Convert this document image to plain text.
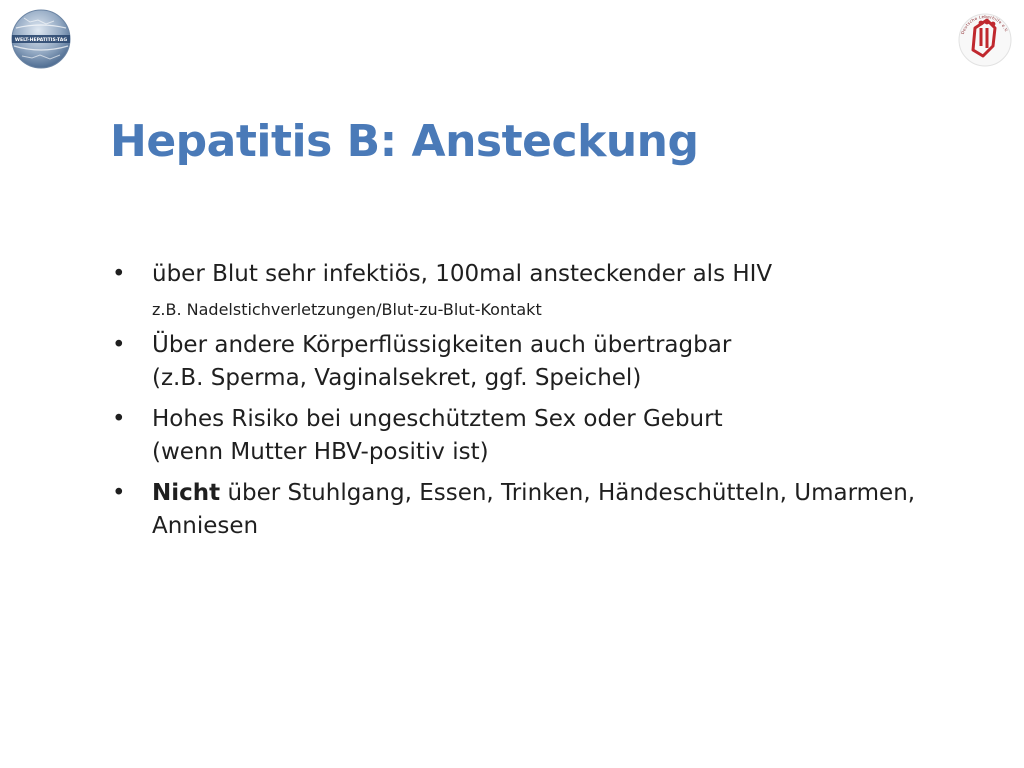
WELT-HEPATITIS-TAG
Deutsche Leberhilfe e.V.
Hepatitis B: Ansteckung
• über Blut sehr infektiös, 100mal ansteckender als HIV
z.B. Nadelstichverletzungen/Blut-zu-Blut-Kontakt
• Über andere Körperflüssigkeiten auch übertragbar
(z.B. Sperma, Vaginalsekret, ggf. Speichel)
• Hohes Risiko bei ungeschütztem Sex oder Geburt
(wenn Mutter HBV-positiv ist)
• Nicht über Stuhlgang, Essen, Trinken, Händeschütteln, Umarmen,
Anniesen
